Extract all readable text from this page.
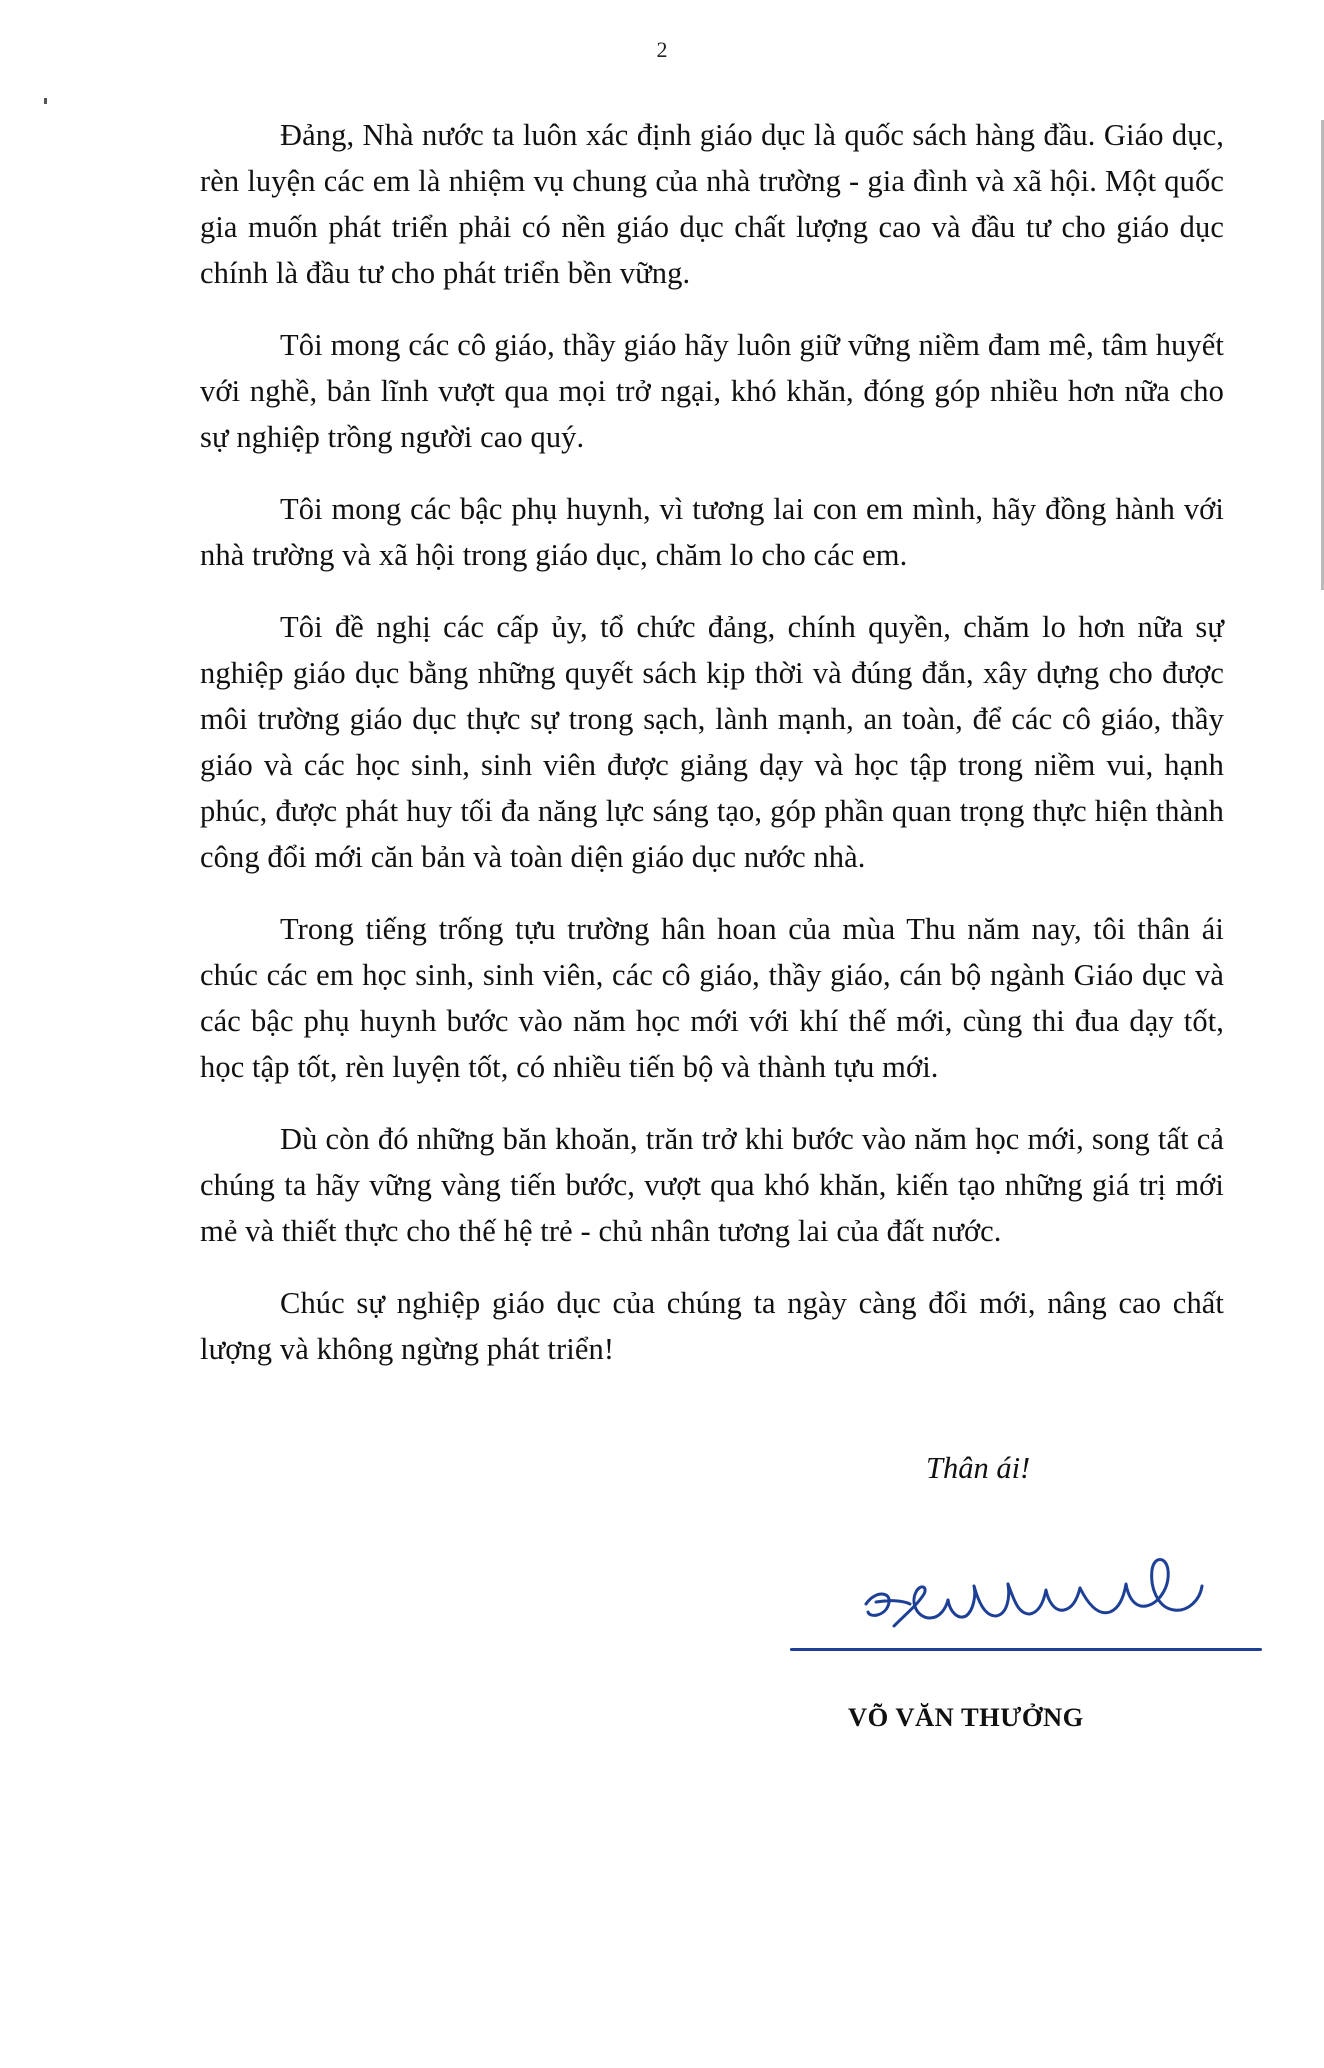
2

Đảng, Nhà nước ta luôn xác định giáo dục là quốc sách hàng đầu. Giáo dục, rèn luyện các em là nhiệm vụ chung của nhà trường - gia đình và xã hội. Một quốc gia muốn phát triển phải có nền giáo dục chất lượng cao và đầu tư cho giáo dục chính là đầu tư cho phát triển bền vững.

Tôi mong các cô giáo, thầy giáo hãy luôn giữ vững niềm đam mê, tâm huyết với nghề, bản lĩnh vượt qua mọi trở ngại, khó khăn, đóng góp nhiều hơn nữa cho sự nghiệp trồng người cao quý.

Tôi mong các bậc phụ huynh, vì tương lai con em mình, hãy đồng hành với nhà trường và xã hội trong giáo dục, chăm lo cho các em.

Tôi đề nghị các cấp ủy, tổ chức đảng, chính quyền, chăm lo hơn nữa sự nghiệp giáo dục bằng những quyết sách kịp thời và đúng đắn, xây dựng cho được môi trường giáo dục thực sự trong sạch, lành mạnh, an toàn, để các cô giáo, thầy giáo và các học sinh, sinh viên được giảng dạy và học tập trong niềm vui, hạnh phúc, được phát huy tối đa năng lực sáng tạo, góp phần quan trọng thực hiện thành công đổi mới căn bản và toàn diện giáo dục nước nhà.

Trong tiếng trống tựu trường hân hoan của mùa Thu năm nay, tôi thân ái chúc các em học sinh, sinh viên, các cô giáo, thầy giáo, cán bộ ngành Giáo dục và các bậc phụ huynh bước vào năm học mới với khí thế mới, cùng thi đua dạy tốt, học tập tốt, rèn luyện tốt, có nhiều tiến bộ và thành tựu mới.

Dù còn đó những băn khoăn, trăn trở khi bước vào năm học mới, song tất cả chúng ta hãy vững vàng tiến bước, vượt qua khó khăn, kiến tạo những giá trị mới mẻ và thiết thực cho thế hệ trẻ - chủ nhân tương lai của đất nước.

Chúc sự nghiệp giáo dục của chúng ta ngày càng đổi mới, nâng cao chất lượng và không ngừng phát triển!

Thân ái!
VÕ VĂN THƯỞNG
